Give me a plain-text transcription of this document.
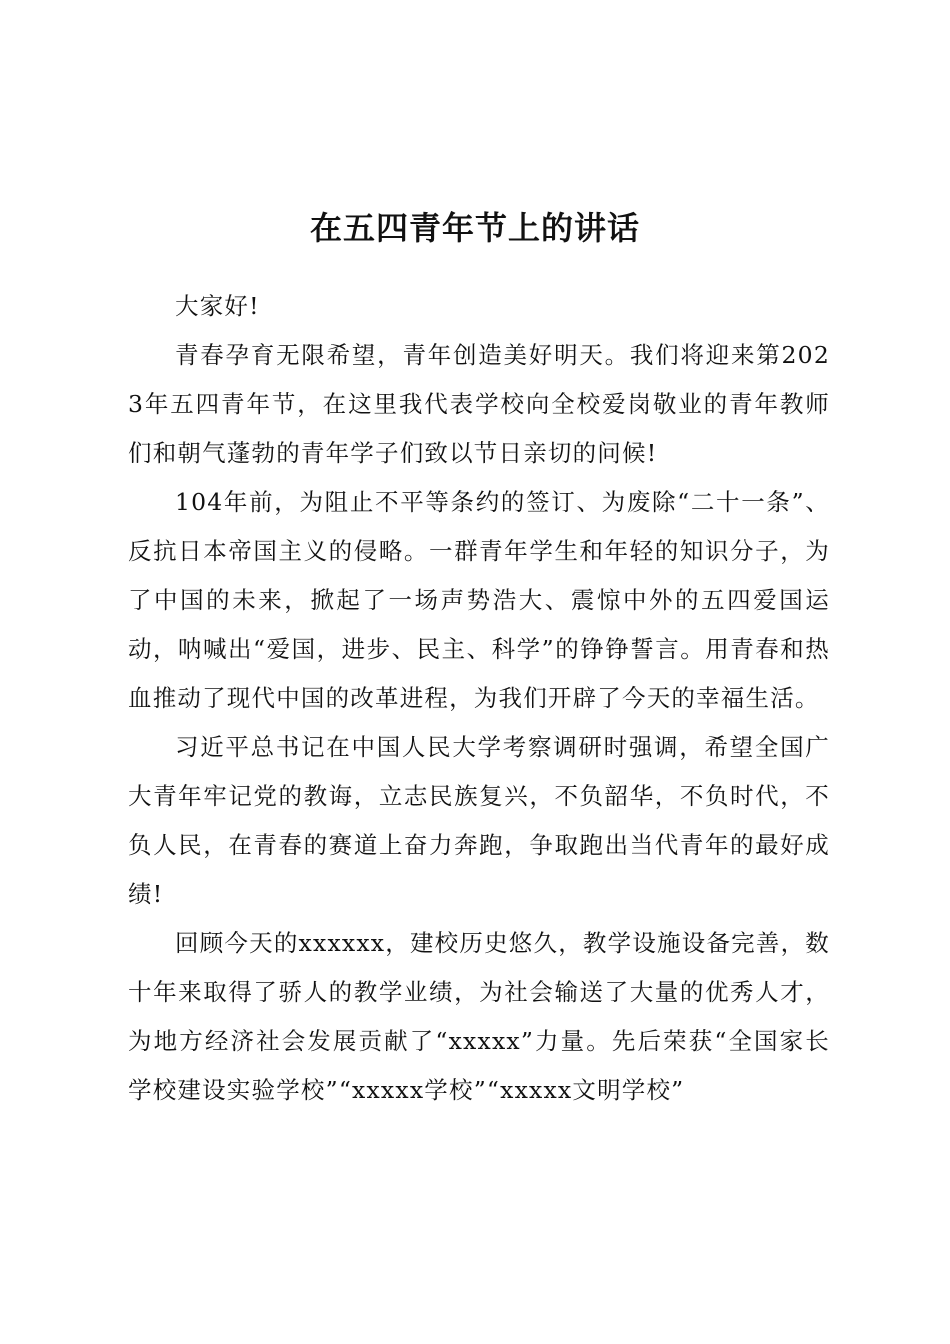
在五四青年节上的讲话

大家好!

青春孕育无限希望，青年创造美好明天。我们将迎来第2023年五四青年节，在这里我代表学校向全校爱岗敬业的青年教师们和朝气蓬勃的青年学子们致以节日亲切的问候!

104年前，为阻止不平等条约的签订、为废除“二十一条”、反抗日本帝国主义的侵略。一群青年学生和年轻的知识分子，为了中国的未来，掀起了一场声势浩大、震惊中外的五四爱国运动，呐喊出“爱国，进步、民主、科学”的铮铮誓言。用青春和热血推动了现代中国的改革进程，为我们开辟了今天的幸福生活。

习近平总书记在中国人民大学考察调研时强调，希望全国广大青年牢记党的教诲，立志民族复兴，不负韶华，不负时代，不负人民，在青春的赛道上奋力奔跑，争取跑出当代青年的最好成绩!

回顾今天的xxxxxx，建校历史悠久，教学设施设备完善，数十年来取得了骄人的教学业绩，为社会输送了大量的优秀人才，为地方经济社会发展贡献了“xxxxx”力量。先后荣获“全国家长学校建设实验学校”“xxxxx学校”“xxxxx文明学校”
